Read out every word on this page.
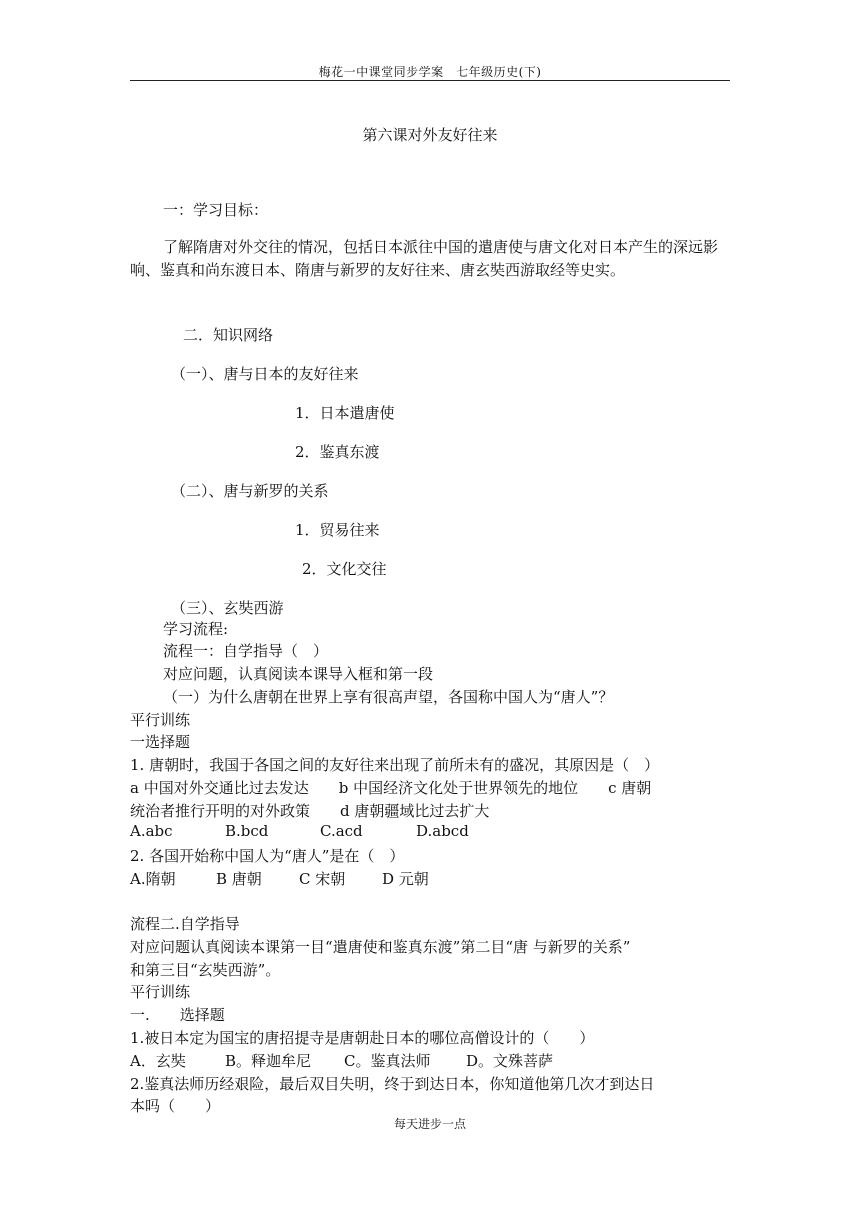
梅花一中课堂同步学案　七年级历史(下)
第六课对外友好往来
一：学习目标：
了解隋唐对外交往的情况，包括日本派往中国的遣唐使与唐文化对日本产生的深远影响、鉴真和尚东渡日本、隋唐与新罗的友好往来、唐玄奘西游取经等史实。
二．知识网络
（一）、唐与日本的友好往来
1．日本遣唐使
2．鉴真东渡
（二）、唐与新罗的关系
1．贸易往来
2．文化交往
（三）、玄奘西游
学习流程:
流程一：自学指导（　）
对应问题，认真阅读本课导入框和第一段
（一）为什么唐朝在世界上享有很高声望，各国称中国人为“唐人”？
平行训练
一选择题
1. 唐朝时，我国于各国之间的友好往来出现了前所未有的盛况，其原因是（　）
a 中国对外交通比过去发达　　b 中国经济文化处于世界领先的地位　　c 唐朝
统治者推行开明的对外政策　　d 唐朝疆域比过去扩大
A.abc	B.bcd	C.acd	D.abcd
2. 各国开始称中国人为“唐人”是在（　）
A.隋朝	B 唐朝 C 宋朝 D 元朝
流程二.自学指导
对应问题认真阅读本课第一目“遣唐使和鉴真东渡”第二目“唐 与新罗的关系”
和第三目“玄奘西游”。
平行训练
一.　　选择题
1.被日本定为国宝的唐招提寺是唐朝赴日本的哪位高僧设计的（　　）
A．玄奘	B。释迦牟尼 C。鉴真法师 D。文殊菩萨
2.鉴真法师历经艰险，最后双目失明，终于到达日本，你知道他第几次才到达日
本吗（　　）
每天进步一点
